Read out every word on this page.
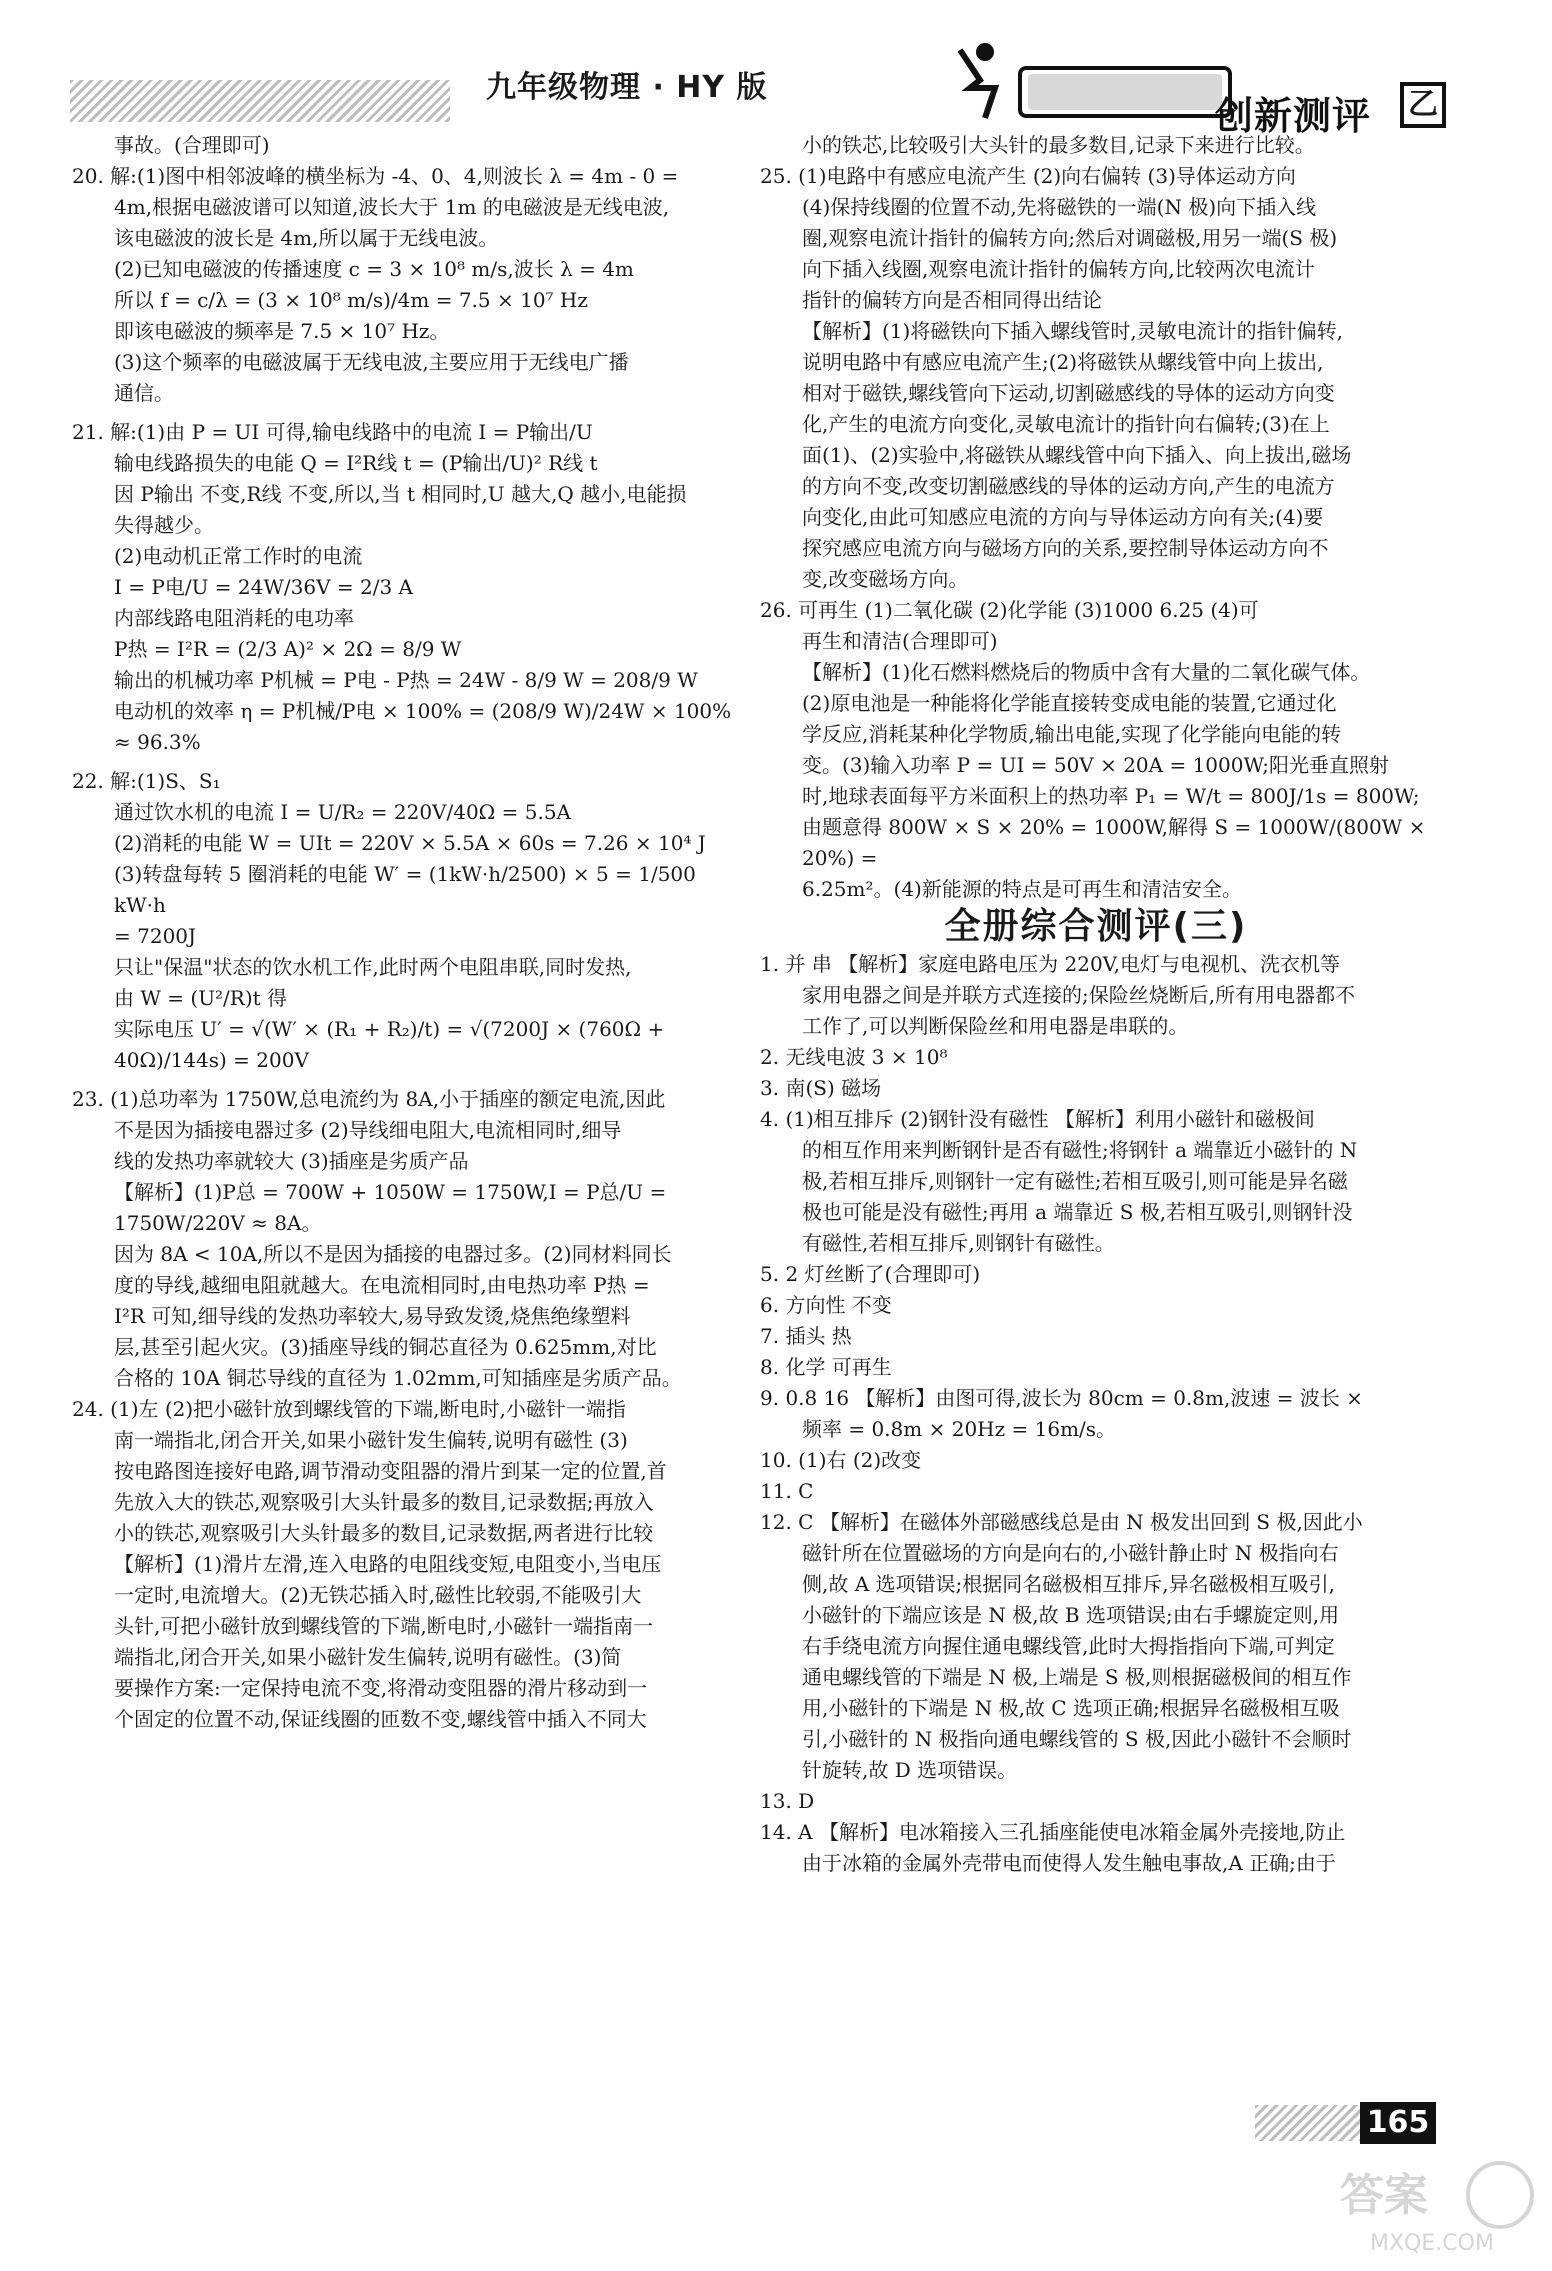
九年级物理 · HY 版
创新测评 乙

事故。(合理即可)

20. 解:(1)图中相邻波峰的横坐标为 -4、0、4,则波长 λ = 4m - 0 =

4m,根据电磁波谱可以知道,波长大于 1m 的电磁波是无线电波,

该电磁波的波长是 4m,所以属于无线电波。

(2)已知电磁波的传播速度 c = 3 × 10⁸ m/s,波长 λ = 4m

所以 f = c/λ = (3 × 10⁸ m/s)/4m = 7.5 × 10⁷ Hz

即该电磁波的频率是 7.5 × 10⁷ Hz。

(3)这个频率的电磁波属于无线电波,主要应用于无线电广播

通信。

21. 解:(1)由 P = UI 可得,输电线路中的电流 I = P输出/U

输电线路损失的电能 Q = I²R线 t = (P输出/U)² R线 t

因 P输出 不变,R线 不变,所以,当 t 相同时,U 越大,Q 越小,电能损

失得越少。

(2)电动机正常工作时的电流

I = P电/U = 24W/36V = 2/3 A

内部线路电阻消耗的电功率

P热 = I²R = (2/3 A)² × 2Ω = 8/9 W

输出的机械功率 P机械 = P电 - P热 = 24W - 8/9 W = 208/9 W

电动机的效率 η = P机械/P电 × 100% = (208/9 W)/24W × 100% ≈ 96.3%

22. 解:(1)S、S₁

通过饮水机的电流 I = U/R₂ = 220V/40Ω = 5.5A

(2)消耗的电能 W = UIt = 220V × 5.5A × 60s = 7.26 × 10⁴ J

(3)转盘每转 5 圈消耗的电能 W′ = (1kW·h/2500) × 5 = 1/500 kW·h

= 7200J

只让"保温"状态的饮水机工作,此时两个电阻串联,同时发热,

由 W = (U²/R)t 得

实际电压 U′ = √(W′ × (R₁ + R₂)/t) = √(7200J × (760Ω + 40Ω)/144s) = 200V

23. (1)总功率为 1750W,总电流约为 8A,小于插座的额定电流,因此

不是因为插接电器过多 (2)导线细电阻大,电流相同时,细导

线的发热功率就较大 (3)插座是劣质产品

【解析】(1)P总 = 700W + 1050W = 1750W,I = P总/U = 1750W/220V ≈ 8A。

因为 8A < 10A,所以不是因为插接的电器过多。(2)同材料同长

度的导线,越细电阻就越大。在电流相同时,由电热功率 P热 =

I²R 可知,细导线的发热功率较大,易导致发烫,烧焦绝缘塑料

层,甚至引起火灾。(3)插座导线的铜芯直径为 0.625mm,对比

合格的 10A 铜芯导线的直径为 1.02mm,可知插座是劣质产品。

24. (1)左 (2)把小磁针放到螺线管的下端,断电时,小磁针一端指

南一端指北,闭合开关,如果小磁针发生偏转,说明有磁性 (3)

按电路图连接好电路,调节滑动变阻器的滑片到某一定的位置,首

先放入大的铁芯,观察吸引大头针最多的数目,记录数据;再放入

小的铁芯,观察吸引大头针最多的数目,记录数据,两者进行比较

【解析】(1)滑片左滑,连入电路的电阻线变短,电阻变小,当电压

一定时,电流增大。(2)无铁芯插入时,磁性比较弱,不能吸引大

头针,可把小磁针放到螺线管的下端,断电时,小磁针一端指南一

端指北,闭合开关,如果小磁针发生偏转,说明有磁性。(3)简

要操作方案:一定保持电流不变,将滑动变阻器的滑片移动到一

个固定的位置不动,保证线圈的匝数不变,螺线管中插入不同大

小的铁芯,比较吸引大头针的最多数目,记录下来进行比较。

25. (1)电路中有感应电流产生 (2)向右偏转 (3)导体运动方向

(4)保持线圈的位置不动,先将磁铁的一端(N 极)向下插入线

圈,观察电流计指针的偏转方向;然后对调磁极,用另一端(S 极)

向下插入线圈,观察电流计指针的偏转方向,比较两次电流计

指针的偏转方向是否相同得出结论

【解析】(1)将磁铁向下插入螺线管时,灵敏电流计的指针偏转,

说明电路中有感应电流产生;(2)将磁铁从螺线管中向上拔出,

相对于磁铁,螺线管向下运动,切割磁感线的导体的运动方向变

化,产生的电流方向变化,灵敏电流计的指针向右偏转;(3)在上

面(1)、(2)实验中,将磁铁从螺线管中向下插入、向上拔出,磁场

的方向不变,改变切割磁感线的导体的运动方向,产生的电流方

向变化,由此可知感应电流的方向与导体运动方向有关;(4)要

探究感应电流方向与磁场方向的关系,要控制导体运动方向不

变,改变磁场方向。

26. 可再生 (1)二氧化碳 (2)化学能 (3)1000 6.25 (4)可

再生和清洁(合理即可)

【解析】(1)化石燃料燃烧后的物质中含有大量的二氧化碳气体。

(2)原电池是一种能将化学能直接转变成电能的装置,它通过化

学反应,消耗某种化学物质,输出电能,实现了化学能向电能的转

变。(3)输入功率 P = UI = 50V × 20A = 1000W;阳光垂直照射

时,地球表面每平方米面积上的热功率 P₁ = W/t = 800J/1s = 800W;

由题意得 800W × S × 20% = 1000W,解得 S = 1000W/(800W × 20%) =

6.25m²。(4)新能源的特点是可再生和清洁安全。

全册综合测评(三)

1. 并 串 【解析】家庭电路电压为 220V,电灯与电视机、洗衣机等

家用电器之间是并联方式连接的;保险丝烧断后,所有用电器都不

工作了,可以判断保险丝和用电器是串联的。

2. 无线电波 3 × 10⁸

3. 南(S) 磁场

4. (1)相互排斥 (2)钢针没有磁性 【解析】利用小磁针和磁极间

的相互作用来判断钢针是否有磁性;将钢针 a 端靠近小磁针的 N

极,若相互排斥,则钢针一定有磁性;若相互吸引,则可能是异名磁

极也可能是没有磁性;再用 a 端靠近 S 极,若相互吸引,则钢针没

有磁性,若相互排斥,则钢针有磁性。

5. 2 灯丝断了(合理即可)

6. 方向性 不变

7. 插头 热

8. 化学 可再生

9. 0.8 16 【解析】由图可得,波长为 80cm = 0.8m,波速 = 波长 ×

频率 = 0.8m × 20Hz = 16m/s。

10. (1)右 (2)改变

11. C

12. C 【解析】在磁体外部磁感线总是由 N 极发出回到 S 极,因此小

磁针所在位置磁场的方向是向右的,小磁针静止时 N 极指向右

侧,故 A 选项错误;根据同名磁极相互排斥,异名磁极相互吸引,

小磁针的下端应该是 N 极,故 B 选项错误;由右手螺旋定则,用

右手绕电流方向握住通电螺线管,此时大拇指指向下端,可判定

通电螺线管的下端是 N 极,上端是 S 极,则根据磁极间的相互作

用,小磁针的下端是 N 极,故 C 选项正确;根据异名磁极相互吸

引,小磁针的 N 极指向通电螺线管的 S 极,因此小磁针不会顺时

针旋转,故 D 选项错误。

13. D

14. A 【解析】电冰箱接入三孔插座能使电冰箱金属外壳接地,防止

由于冰箱的金属外壳带电而使得人发生触电事故,A 正确;由于

165
答案
MXQE.COM
